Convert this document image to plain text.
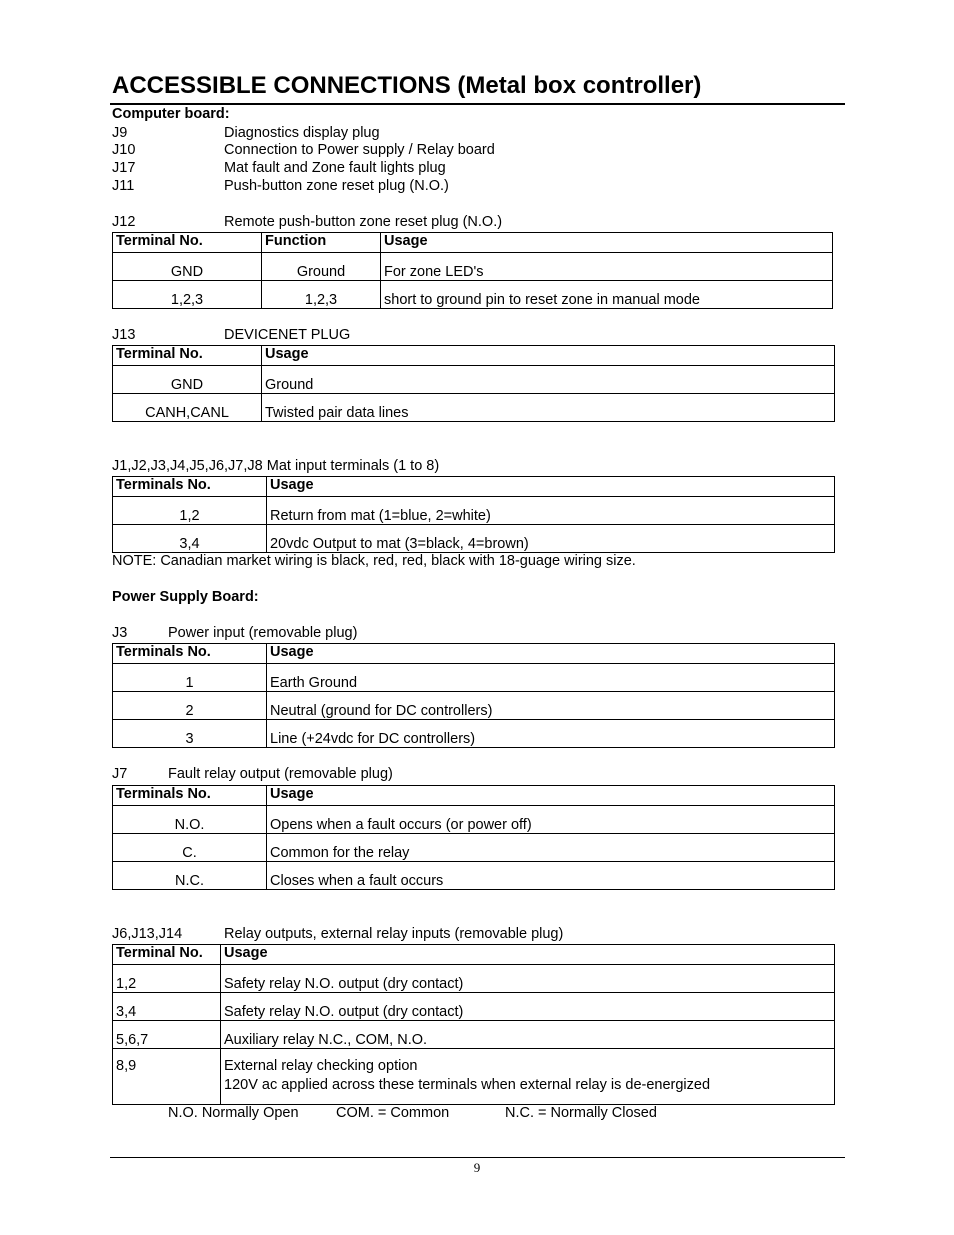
ACCESSIBLE CONNECTIONS (Metal box controller)
Computer board:
J9	Diagnostics display plug
J10	Connection to Power supply / Relay board
J17	Mat fault and Zone fault lights plug
J11	Push-button zone reset plug (N.O.)
J12	Remote push-button zone reset plug (N.O.)
Terminal No.	Function	Usage
GND	Ground	For zone LED's
1,2,3	1,2,3	short to ground pin to reset zone in manual mode
J13	DEVICENET PLUG
Terminal No.	Usage
GND	Ground
CANH,CANL	Twisted pair data lines
J1,J2,J3,J4,J5,J6,J7,J8 Mat input terminals (1 to 8)
Terminals No.	Usage
1,2	Return from mat (1=blue, 2=white)
3,4	20vdc Output to mat (3=black, 4=brown)
NOTE: Canadian market wiring is black, red, red, black with 18-guage wiring size.
Power Supply Board:
J3	Power input (removable plug)
Terminals No.	Usage
1	Earth Ground
2	Neutral (ground for DC controllers)
3	Line (+24vdc for DC controllers)
J7	Fault relay output (removable plug)
Terminals No.	Usage
N.O.	Opens when a fault occurs (or power off)
C.	Common for the relay
N.C.	Closes when a fault occurs
J6,J13,J14	Relay outputs, external relay inputs (removable plug)
Terminal No.	Usage
1,2	Safety relay N.O. output (dry contact)
3,4	Safety relay N.O. output (dry contact)
5,6,7	Auxiliary relay N.C., COM, N.O.
8,9	External relay checking option
120V ac applied across these terminals when external relay is de-energized
N.O. Normally Open	COM. = Common	N.C. = Normally Closed
9
